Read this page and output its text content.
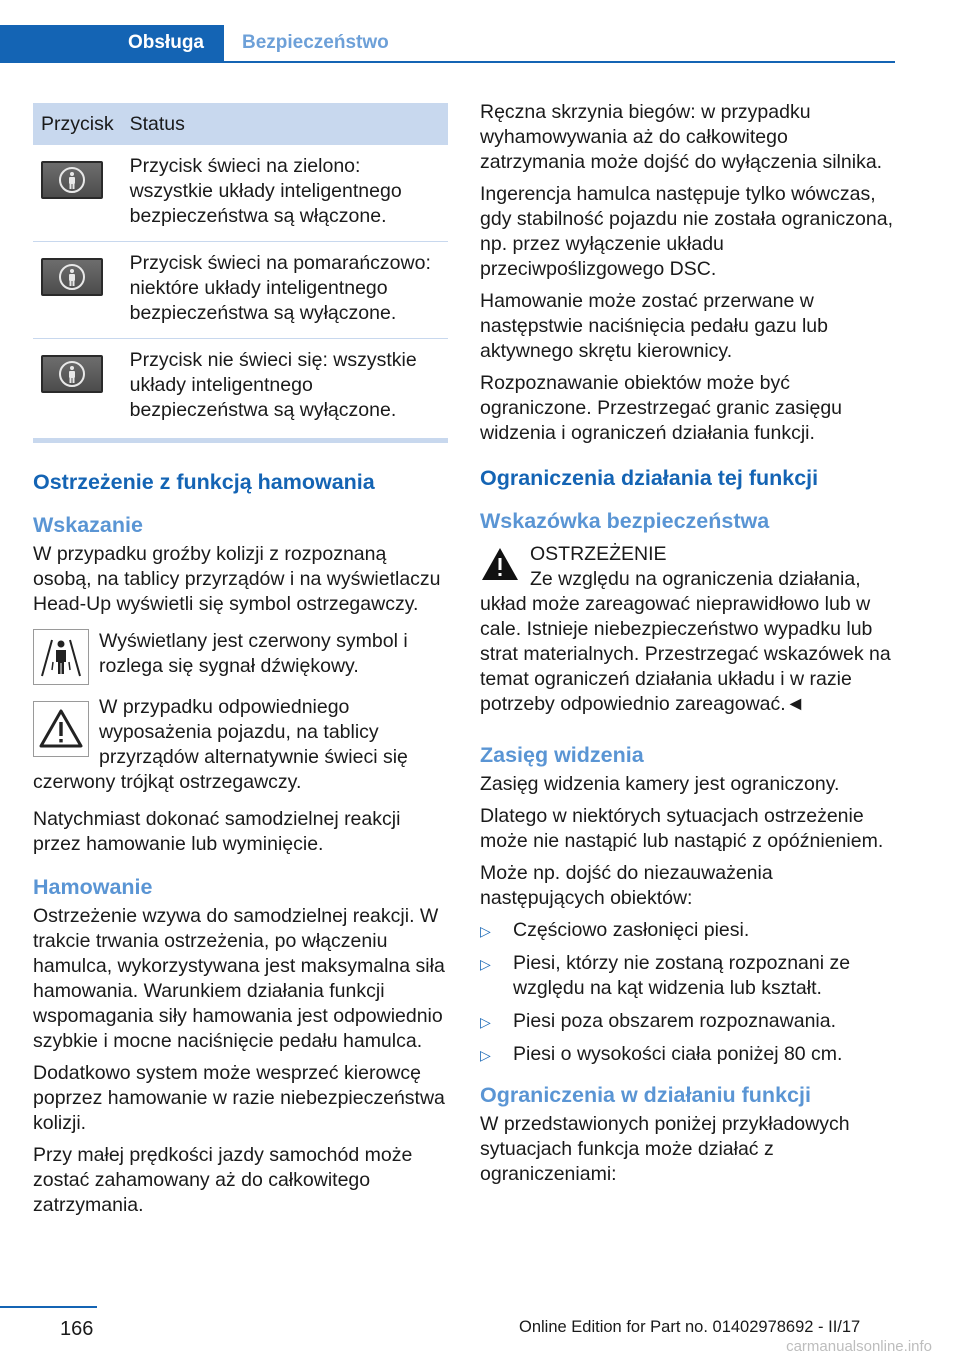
Obsługa	Bezpieczeństwo
Przycisk	Status

	Przycisk świeci na zielono: wszystkie układy inteligentnego bezpieczeństwa są włączone.

	Przycisk świeci na pomarańczowo: niektóre układy inteligentnego bezpieczeństwa są wyłączone.

	Przycisk nie świeci się: wszystkie układy inteligentnego bezpieczeństwa są wyłączone.
Ostrzeżenie z funkcją hamowania
Wskazanie

W przypadku groźby kolizji z rozpoznaną osobą, na tablicy przyrządów i na wyświetlaczu Head-Up wyświetli się symbol ostrzegawczy.

Wyświetlany jest czerwony symbol i rozlega się sygnał dźwiękowy.

W przypadku odpowiedniego wyposażenia pojazdu, na tablicy przyrządów alternatywnie świeci się czerwony trójkąt ostrzegawczy.

Natychmiast dokonać samodzielnej reakcji przez hamowanie lub wyminięcie.

Hamowanie

Ostrzeżenie wzywa do samodzielnej reakcji. W trakcie trwania ostrzeżenia, po włączeniu hamulca, wykorzystywana jest maksymalna siła hamowania. Warunkiem działania funkcji wspomagania siły hamowania jest odpowiednio szybkie i mocne naciśnięcie pedału hamulca.

Dodatkowo system może wesprzeć kierowcę poprzez hamowanie w razie niebezpieczeństwa kolizji.

Przy małej prędkości jazdy samochód może zostać zahamowany aż do całkowitego zatrzymania.

Ręczna skrzynia biegów: w przypadku wyhamowywania aż do całkowitego zatrzymania może dojść do wyłączenia silnika.

Ingerencja hamulca następuje tylko wówczas, gdy stabilność pojazdu nie została ograniczona, np. przez wyłączenie układu przeciwpoślizgowego DSC.

Hamowanie może zostać przerwane w następstwie naciśnięcia pedału gazu lub aktywnego skrętu kierownicy.

Rozpoznawanie obiektów może być ograniczone. Przestrzegać granic zasięgu widzenia i ograniczeń działania funkcji.

Ograniczenia działania tej funkcji
Wskazówka bezpieczeństwa

OSTRZEŻENIE

Ze względu na ograniczenia działania, układ może zareagować nieprawidłowo lub w cale. Istnieje niebezpieczeństwo wypadku lub strat materialnych. Przestrzegać wskazówek na temat ograniczeń działania układu i w razie potrzeby odpowiednio zareagować.◄

Zasięg widzenia

Zasięg widzenia kamery jest ograniczony.

Dlatego w niektórych sytuacjach ostrzeżenie może nie nastąpić lub nastąpić z opóźnieniem.

Może np. dojść do niezauważenia następujących obiektów:

▷ Częściowo zasłonięci piesi.
▷ Piesi, którzy nie zostaną rozpoznani ze względu na kąt widzenia lub kształt.
▷ Piesi poza obszarem rozpoznawania.
▷ Piesi o wysokości ciała poniżej 80 cm.
Ograniczenia w działaniu funkcji

W przedstawionych poniżej przykładowych sytuacjach funkcja może działać z ograniczeniami:

166	Online Edition for Part no. 01402978692 - II/17
carmanualsonline.info
